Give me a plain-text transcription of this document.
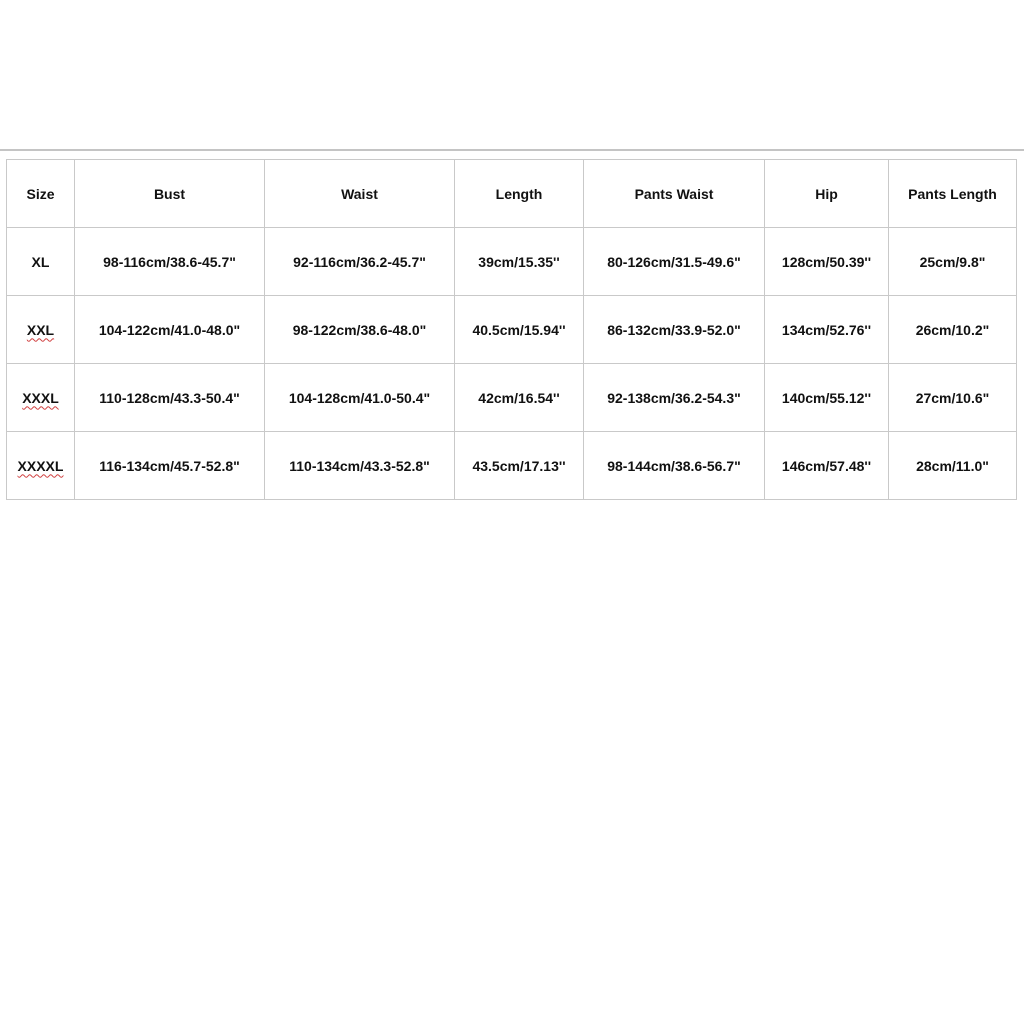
Size	Bust	Waist	Length	Pants Waist	Hip	Pants Length
XL	98-116cm/38.6-45.7"	92-116cm/36.2-45.7"	39cm/15.35''	80-126cm/31.5-49.6"	128cm/50.39''	25cm/9.8"
XXL	104-122cm/41.0-48.0"	98-122cm/38.6-48.0"	40.5cm/15.94''	86-132cm/33.9-52.0"	134cm/52.76''	26cm/10.2"
XXXL	110-128cm/43.3-50.4"	104-128cm/41.0-50.4"	42cm/16.54''	92-138cm/36.2-54.3"	140cm/55.12''	27cm/10.6"
XXXXL	116-134cm/45.7-52.8"	110-134cm/43.3-52.8"	43.5cm/17.13''	98-144cm/38.6-56.7"	146cm/57.48''	28cm/11.0"
